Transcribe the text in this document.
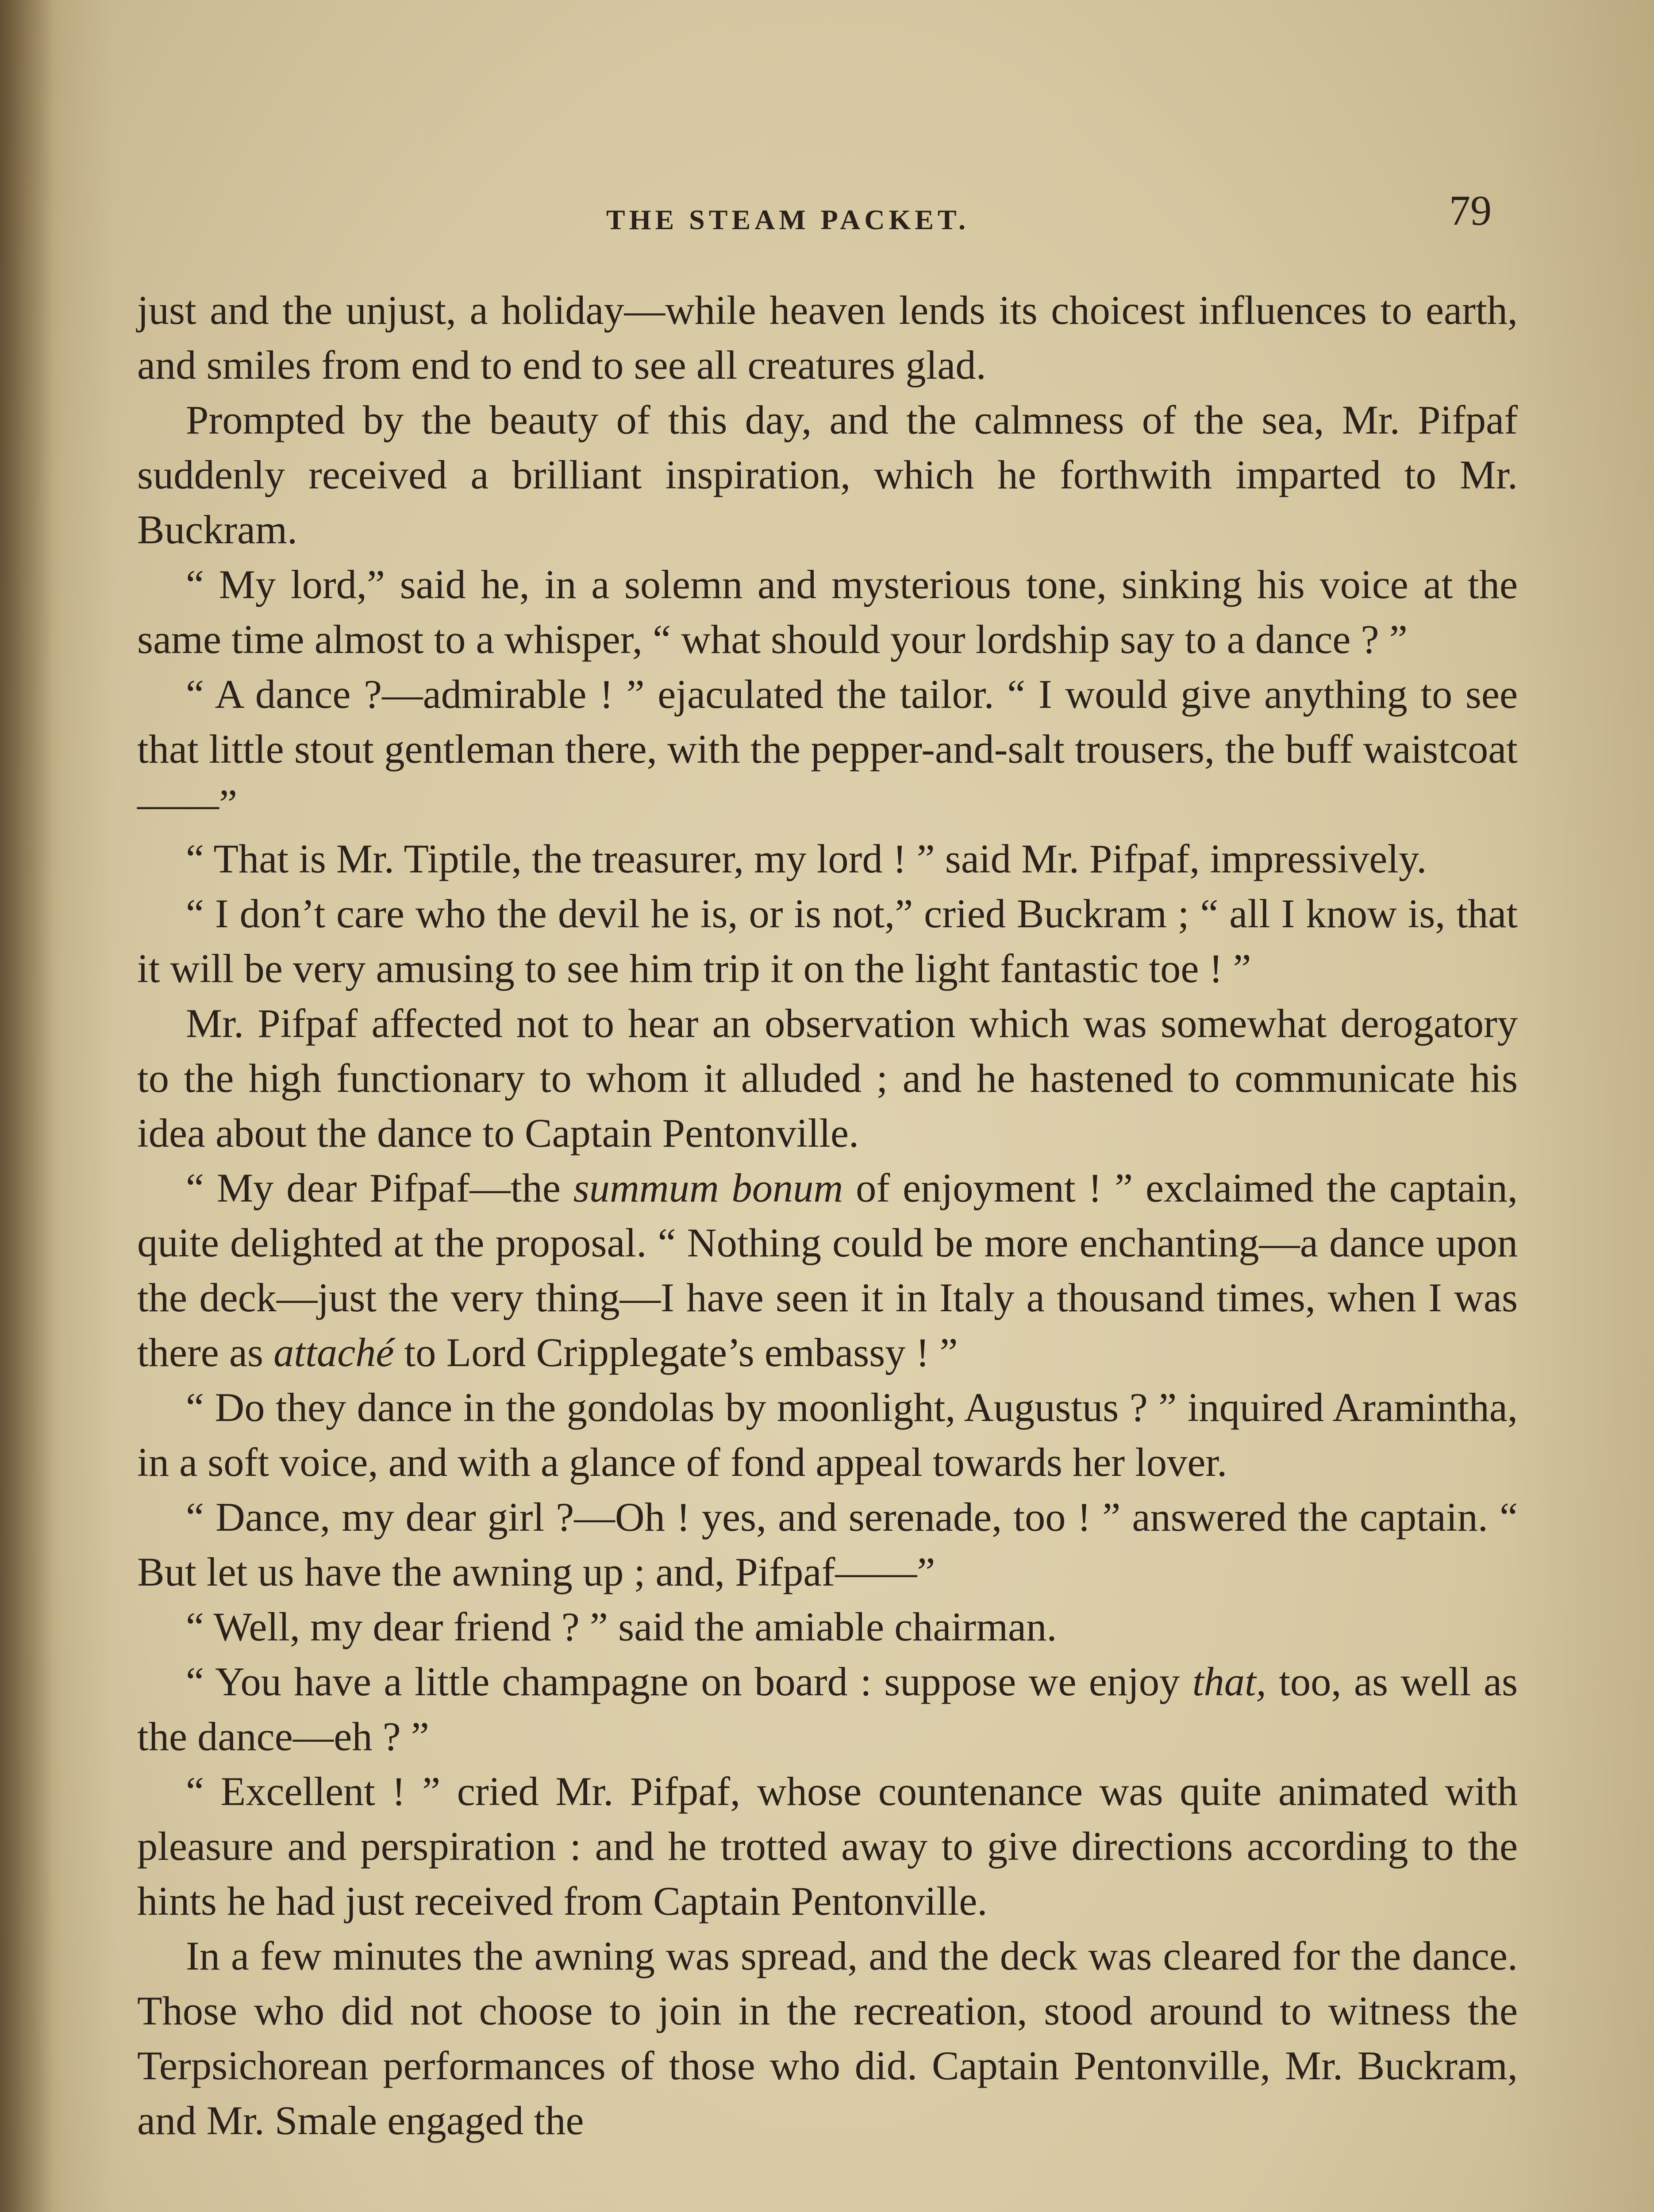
THE STEAM PACKET.	79

just and the unjust, a holiday—while heaven lends its choicest influences to earth, and smiles from end to end to see all creatures glad.

Prompted by the beauty of this day, and the calmness of the sea, Mr. Pifpaf suddenly received a brilliant inspiration, which he forthwith imparted to Mr. Buckram.

“ My lord,” said he, in a solemn and mysterious tone, sinking his voice at the same time almost to a whisper, “ what should your lordship say to a dance ? ”

“ A dance ?—admirable ! ” ejaculated the tailor. “ I would give anything to see that little stout gentleman there, with the pepper-and-salt trousers, the buff waistcoat——”

“ That is Mr. Tiptile, the treasurer, my lord ! ” said Mr. Pifpaf, impressively.

“ I don’t care who the devil he is, or is not,” cried Buckram ; “ all I know is, that it will be very amusing to see him trip it on the light fantastic toe ! ”

Mr. Pifpaf affected not to hear an observation which was somewhat derogatory to the high functionary to whom it alluded ; and he hastened to communicate his idea about the dance to Captain Pentonville.

“ My dear Pifpaf—the summum bonum of enjoyment ! ” exclaimed the captain, quite delighted at the proposal. “ Nothing could be more enchanting—a dance upon the deck—just the very thing—I have seen it in Italy a thousand times, when I was there as attaché to Lord Cripplegate’s embassy ! ”

“ Do they dance in the gondolas by moonlight, Augustus ? ” inquired Aramintha, in a soft voice, and with a glance of fond appeal towards her lover.

“ Dance, my dear girl ?—Oh ! yes, and serenade, too ! ” answered the captain. “ But let us have the awning up ; and, Pifpaf——”

“ Well, my dear friend ? ” said the amiable chairman.

“ You have a little champagne on board : suppose we enjoy that, too, as well as the dance—eh ? ”

“ Excellent ! ” cried Mr. Pifpaf, whose countenance was quite animated with pleasure and perspiration : and he trotted away to give directions according to the hints he had just received from Captain Pentonville.

In a few minutes the awning was spread, and the deck was cleared for the dance. Those who did not choose to join in the recreation, stood around to witness the Terpsichorean performances of those who did. Captain Pentonville, Mr. Buckram, and Mr. Smale engaged the
